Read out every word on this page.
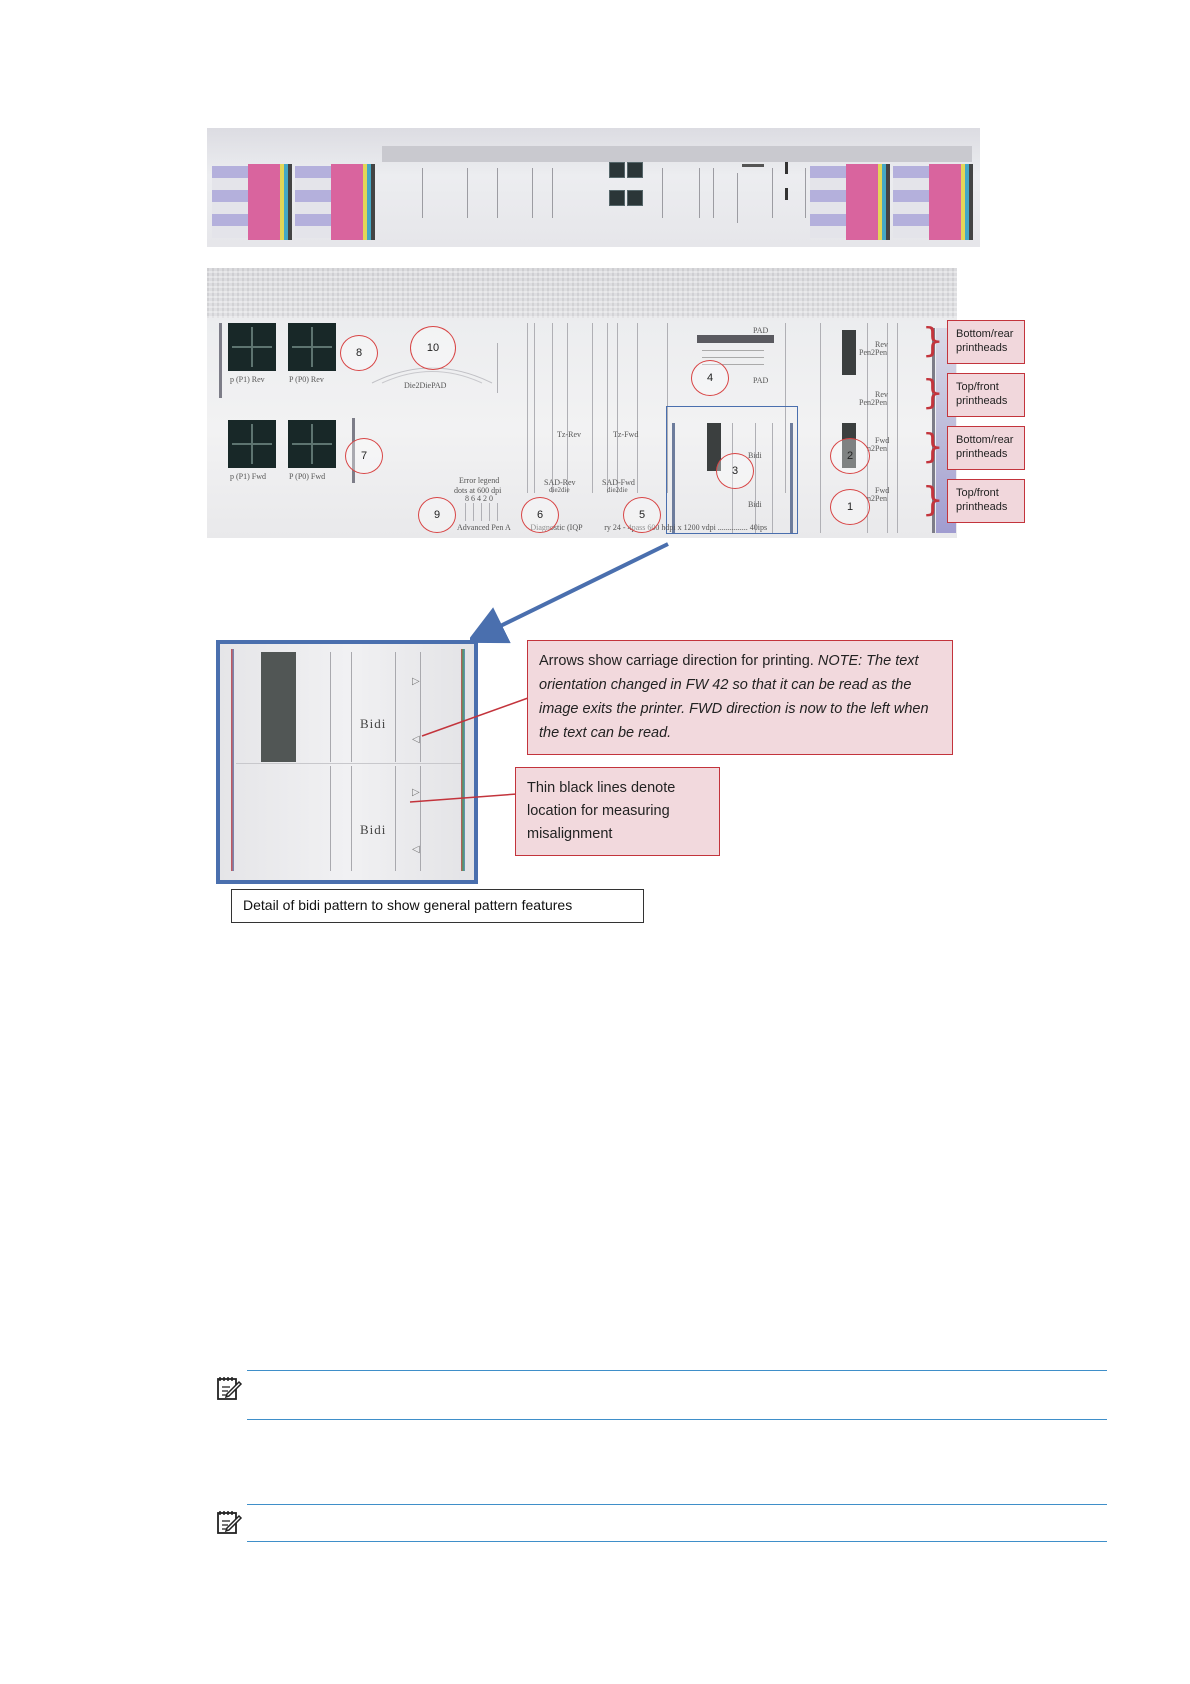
p (P1) Rev	P (P0) Rev
p (P1) Fwd	P (P0) Fwd
Die2DiePAD
Tz-Rev	Tz-Fwd
SAD-Rev	SAD-Fwd
die2die	die2die
PAD
PAD
Bidi
Bidi
Rev
Pen2Pen
Rev
Pen2Pen
Fwd
n2Pen
Fwd
n2Pen
Error legend
dots at 600 dpi
8 6 4 2 0
Advanced Pen A          Diagnostic (IQP           ry 24 - 4pass 600 hdpi x 1200 vdpi ............... 40ips
8	10
4
7
3
2
1
9	6	5
}
}
}
}
Bottom/rear printheads
Top/front printheads
Bottom/rear printheads
Top/front printheads
Bidi
Bidi
▷
◁
▷
◁
Arrows show carriage direction for printing. NOTE: The text orientation changed in FW 42 so that it can be read as the image exits the printer. FWD direction is now to the left when the text can be read.
Thin black lines denote location for measuring misalignment
Detail of bidi pattern to show general pattern features
